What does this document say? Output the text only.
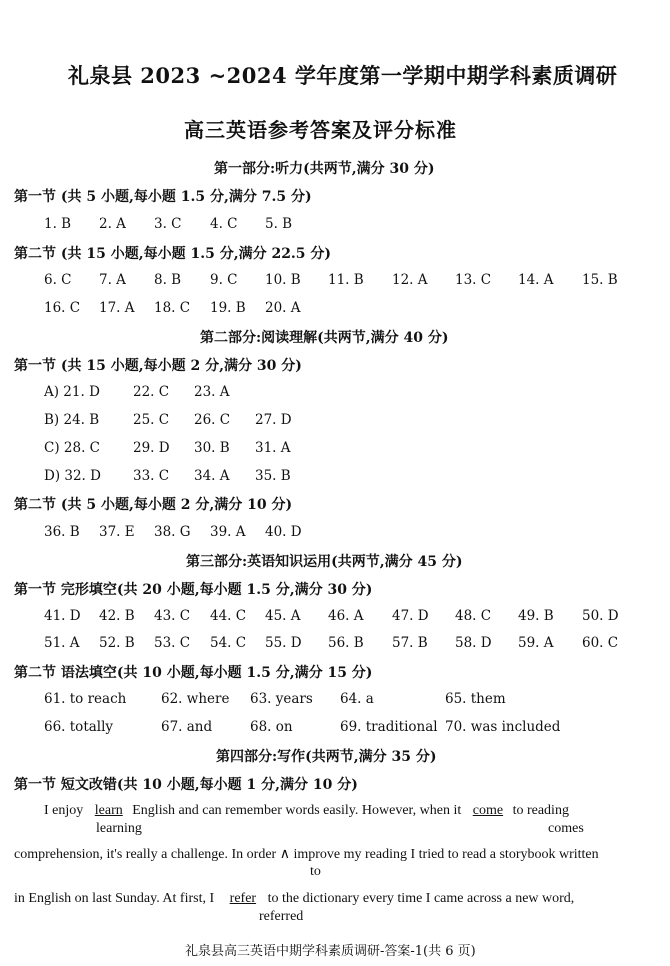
礼泉县 2023 ~2024 学年度第一学期中期学科素质调研
高三英语参考答案及评分标准
第一部分:听力(共两节,满分 30 分)
第一节 (共 5 小题,每小题 1.5 分,满分 7.5 分)
1. B 2. A 3. C 4. C 5. B
第二节 (共 15 小题,每小题 1.5 分,满分 22.5 分)
6. C 7. A 8. B 9. C 10. B 11. B 12. A 13. C 14. A 15. B
16. C 17. A 18. C 19. B 20. A
第二部分:阅读理解(共两节,满分 40 分)
第一节 (共 15 小题,每小题 2 分,满分 30 分)
A) 21. D 22. C 23. A
B) 24. B	25. C 26. C 27. D
C) 28. C 29. D 30. B 31. A
D) 32. D 33. C 34. A 35. B
第二节 (共 5 小题,每小题 2 分,满分 10 分)
36. B 37. E 38. G 39. A 40. D
第三部分:英语知识运用(共两节,满分 45 分)
第一节 完形填空(共 20 小题,每小题 1.5 分,满分 30 分)
41. D 42. B 43. C 44. C 45. A 46. A 47. D 48. C 49. B 50. D
51. A 52. B 53. C 54. C 55. D 56. B 57. B 58. D 59. A 60. C
第二节 语法填空(共 10 小题,每小题 1.5 分,满分 15 分)
61. to reach	62. where 63. years 64. a	65. them
66. totally	67. and	68. on	69. traditional 70. was included
第四部分:写作(共两节,满分 35 分)
第一节 短文改错(共 10 小题,每小题 1 分,满分 10 分)
I enjoy learn English and can remember words easily. However, when it come to reading
learning	comes
comprehension, it's really a challenge. In order ∧ improve my reading I tried to read a storybook written
to
in English on last Sunday. At first, I refer to the dictionary every time I came across a new word,
referred
礼泉县高三英语中期学科素质调研-答案-1(共 6 页)
